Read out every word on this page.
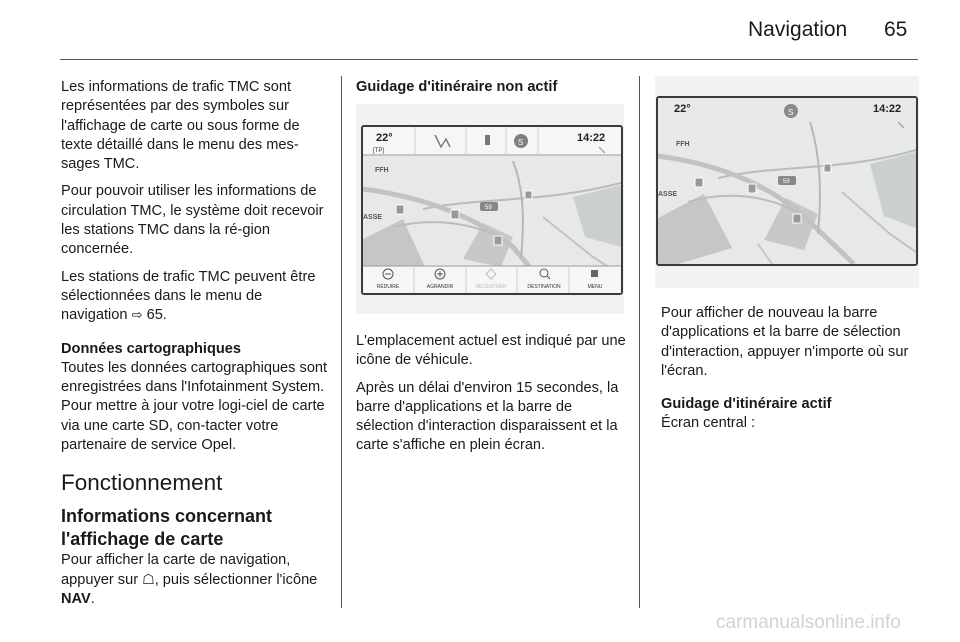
Navigation 65

Les informations de trafic TMC sont représentées par des symboles sur l'affichage de carte ou sous forme de texte détaillé dans le menu des mes-sages TMC.

Pour pouvoir utiliser les informations de circulation TMC, le système doit recevoir les stations TMC dans la ré-gion concernée.

Les stations de trafic TMC peuvent être sélectionnées dans le menu de navigation ⇨ 65.

Données cartographiques

Toutes les données cartographiques sont enregistrées dans l'Infotainment System. Pour mettre à jour votre logi-ciel de carte via une carte SD, con-tacter votre partenaire de service Opel.

Fonctionnement
Informations concernant l'affichage de carte

Pour afficher la carte de navigation, appuyer sur ☖, puis sélectionner l'icône NAV.

Guidage d'itinéraire non actif

22°
[TP]
14:22
S
FFH
ASSE
59
RÉDUIRE	AGRANDIR	RECENTRER	DESTINATION	MENU

L'emplacement actuel est indiqué par une icône de véhicule.

Après un délai d'environ 15 secondes, la barre d'applications et la barre de sélection d'interaction disparaissent et la carte s'affiche en plein écran.

22°	14:22
S
FFH
ASSE
59

Pour afficher de nouveau la barre d'applications et la barre de sélection d'interaction, appuyer n'importe où sur l'écran.

Guidage d'itinéraire actif

Écran central :

carmanualsonline.info
